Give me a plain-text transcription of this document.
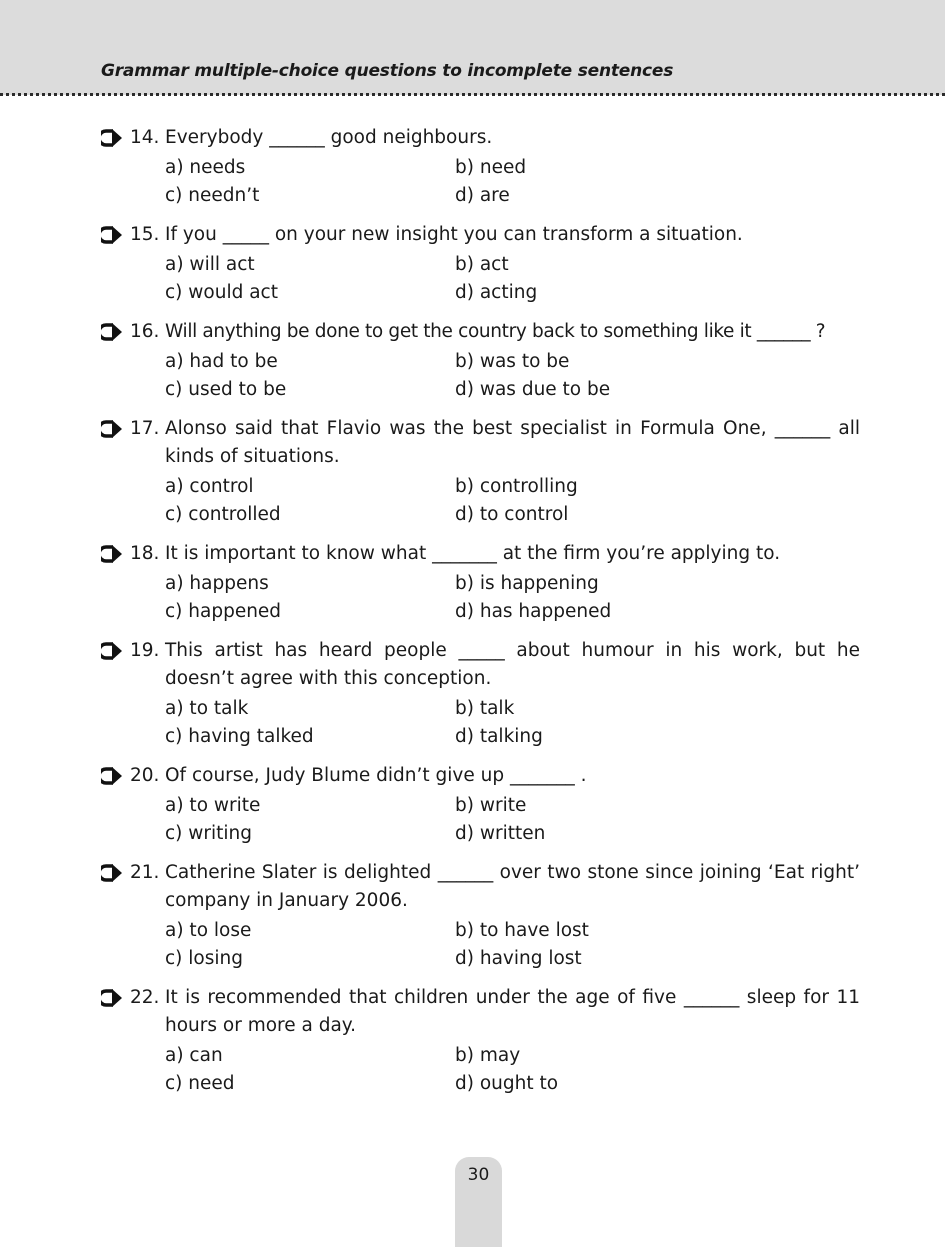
Grammar multiple-choice questions to incomplete sentences
14. Everybody ______ good neighbours.
a) needs	b) need
c) needn’t	d) are
15. If you _____ on your new insight you can transform a situation.
a) will act	b) act
c) would act	d) acting
16. Will anything be done to get the country back to something like it ______ ?
a) had to be	b) was to be
c) used to be	d) was due to be
17. Alonso said that Flavio was the best specialist in Formula One, ______ all kinds of situations.
a) control	b) controlling
c) controlled	d) to control
18. It is important to know what _______ at the firm you’re applying to.
a) happens	b) is happening
c) happened	d) has happened
19. This artist has heard people _____ about humour in his work, but he doesn’t agree with this conception.
a) to talk	b) talk
c) having talked	d) talking
20. Of course, Judy Blume didn’t give up _______ .
a) to write	b) write
c) writing	d) written
21. Catherine Slater is delighted ______ over two stone since joining ‘Eat right’ company in January 2006.
a) to lose	b) to have lost
c) losing	d) having lost
22. It is recommended that children under the age of five ______ sleep for 11 hours or more a day.
a) can	b) may
c) need	d) ought to
30
